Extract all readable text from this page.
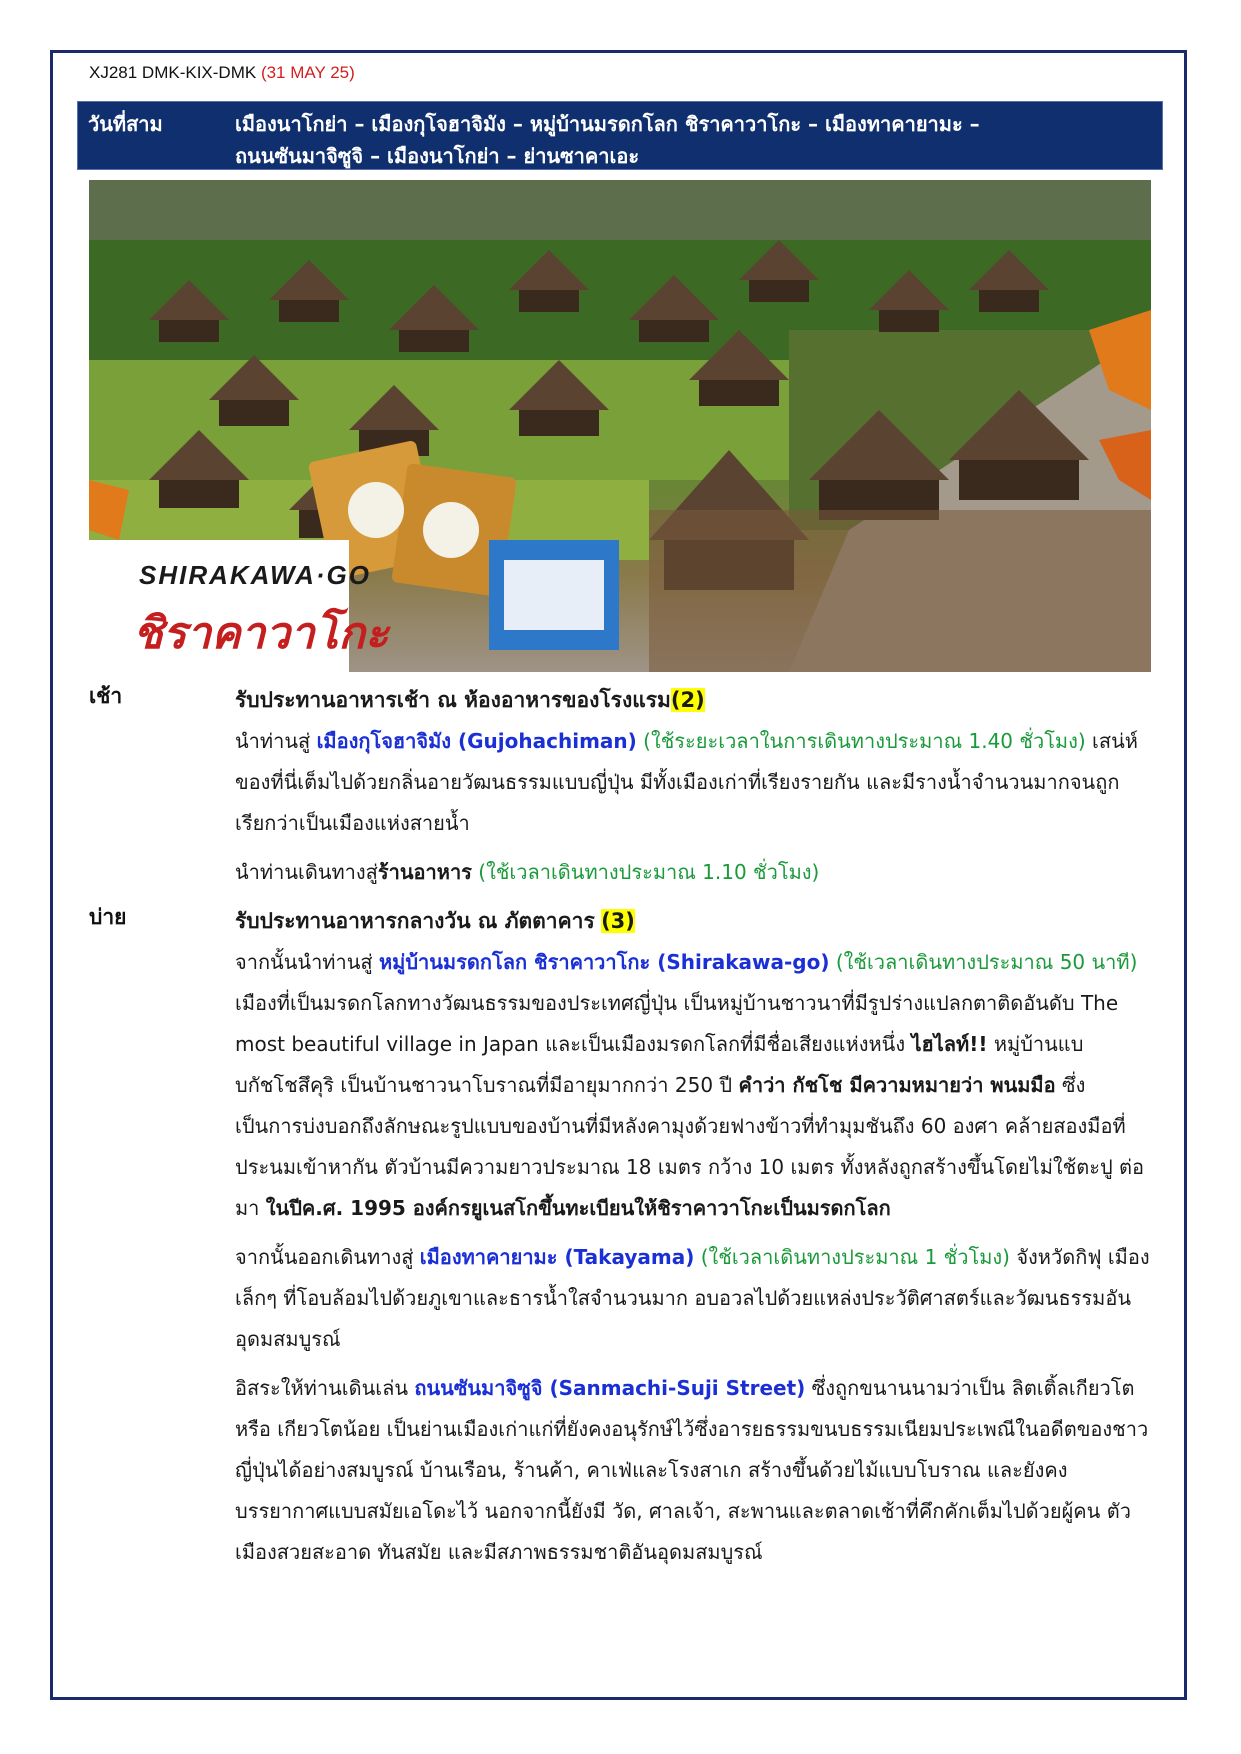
XJ281 DMK-KIX-DMK (31 MAY 25)
วันที่สาม	เมืองนาโกย่า – เมืองกุโจฮาจิมัง – หมู่บ้านมรดกโลก ชิราคาวาโกะ – เมืองทาคายามะ –
ถนนซันมาจิซูจิ – เมืองนาโกย่า – ย่านซาคาเอะ
SHIRAKAWA·GO
ชิราคาวาโกะ
เช้า	รับประทานอาหารเช้า ณ ห้องอาหารของโรงแรม(2)
นำท่านสู่ เมืองกุโจฮาจิมัง (Gujohachiman) (ใช้ระยะเวลาในการเดินทางประมาณ 1.40 ชั่วโมง) เสน่ห์ของที่นี่เต็มไปด้วยกลิ่นอายวัฒนธรรมแบบญี่ปุ่น มีทั้งเมืองเก่าที่เรียงรายกัน และมีรางน้ำจำนวนมากจนถูกเรียกว่าเป็นเมืองแห่งสายน้ำ
นำท่านเดินทางสู่ร้านอาหาร (ใช้เวลาเดินทางประมาณ 1.10 ชั่วโมง)
บ่าย	รับประทานอาหารกลางวัน ณ ภัตตาคาร (3)
จากนั้นนำท่านสู่ หมู่บ้านมรดกโลก ชิราคาวาโกะ (Shirakawa-go) (ใช้เวลาเดินทางประมาณ 50 นาที) เมืองที่เป็นมรดกโลกทางวัฒนธรรมของประเทศญี่ปุ่น เป็นหมู่บ้านชาวนาที่มีรูปร่างแปลกตาติดอันดับ The most beautiful village in Japan และเป็นเมืองมรดกโลกที่มีชื่อเสียงแห่งหนึ่ง ไฮไลท์!! หมู่บ้านแบบกัชโชสึคุริ เป็นบ้านชาวนาโบราณที่มีอายุมากกว่า 250 ปี คำว่า กัชโช มีความหมายว่า พนมมือ ซึ่งเป็นการบ่งบอกถึงลักษณะรูปแบบของบ้านที่มีหลังคามุงด้วยฟางข้าวที่ทำมุมชันถึง 60 องศา คล้ายสองมือที่ประนมเข้าหากัน ตัวบ้านมีความยาวประมาณ 18 เมตร กว้าง 10 เมตร ทั้งหลังถูกสร้างขึ้นโดยไม่ใช้ตะปู ต่อมา ในปีค.ศ. 1995 องค์กรยูเนสโกขึ้นทะเบียนให้ชิราคาวาโกะเป็นมรดกโลก
จากนั้นออกเดินทางสู่ เมืองทาคายามะ (Takayama) (ใช้เวลาเดินทางประมาณ 1 ชั่วโมง) จังหวัดกิฟุ เมืองเล็กๆ ที่โอบล้อมไปด้วยภูเขาและธารน้ำใสจำนวนมาก อบอวลไปด้วยแหล่งประวัติศาสตร์และวัฒนธรรมอันอุดมสมบูรณ์
อิสระให้ท่านเดินเล่น ถนนซันมาจิซูจิ (Sanmachi-Suji Street) ซึ่งถูกขนานนามว่าเป็น ลิตเติ้ลเกียวโต หรือ เกียวโตน้อย เป็นย่านเมืองเก่าแก่ที่ยังคงอนุรักษ์ไว้ซึ่งอารยธรรมขนบธรรมเนียมประเพณีในอดีตของชาวญี่ปุ่นได้อย่างสมบูรณ์ บ้านเรือน, ร้านค้า, คาเฟ่และโรงสาเก สร้างขึ้นด้วยไม้แบบโบราณ และยังคงบรรยากาศแบบสมัยเอโดะไว้ นอกจากนี้ยังมี วัด, ศาลเจ้า, สะพานและตลาดเช้าที่คึกคักเต็มไปด้วยผู้คน ตัวเมืองสวยสะอาด ทันสมัย และมีสภาพธรรมชาติอันอุดมสมบูรณ์
